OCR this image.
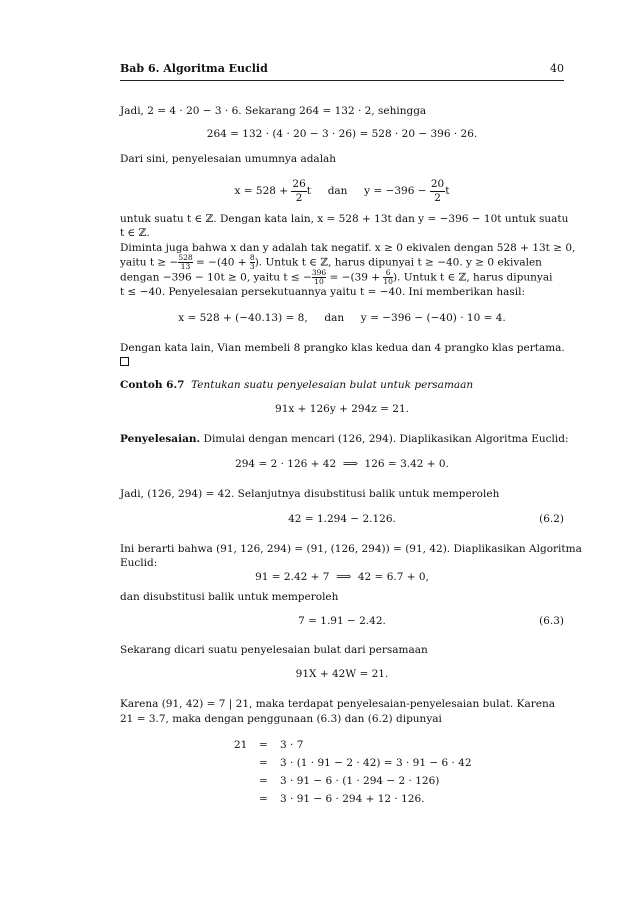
Bab 6. Algoritma Euclid	40
Jadi, 2 = 4 · 20 − 3 · 6. Sekarang 264 = 132 · 2, sehingga
264 = 132 · (4 · 20 − 3 · 26) = 528 · 20 − 396 · 26.
Dari sini, penyelesaian umumnya adalah
$x = 528 + \frac{26}{2}$ t     dan     $y = -396 - \frac{20}{2}$ t
untuk suatu t ∈ ℤ. Dengan kata lain, x = 528 + 13t dan y = −396 − 10t untuk suatu
t ∈ ℤ.
Diminta juga bahwa x dan y adalah tak negatif. x ≥ 0 ekivalen dengan 528 + 13t ≥ 0,
yaitu t ≥ − $\frac{528}{13} = -(40 + \frac{8}{3})$. Untuk t ∈ ℤ, harus dipunyai t ≥ −40. y ≥ 0 ekivalen
dengan −396 − 10t ≥ 0, yaitu t ≤ − $\frac{396}{10} = -(39 + \frac{6}{10})$. Untuk t ∈ ℤ, harus dipunyai
t ≤ −40. Penyelesaian persekutuannya yaitu t = −40. Ini memberikan hasil:
x = 528 + (−40.13) = 8,     dan     y = −396 − (−40) · 10 = 4.
Dengan kata lain, Vian membeli 8 prangko klas kedua dan 4 prangko klas pertama.
Contoh 6.7 Tentukan suatu penyelesaian bulat untuk persamaan
91x + 126y + 294z = 21.
Penyelesaian. Dimulai dengan mencari (126, 294). Diaplikasikan Algoritma Euclid:
294 = 2 · 126 + 42  ⟹  126 = 3.42 + 0.
Jadi, (126, 294) = 42. Selanjutnya disubstitusi balik untuk memperoleh
42 = 1.294 − 2.126.	(6.2)
Ini berarti bahwa (91, 126, 294) = (91, (126, 294)) = (91, 42). Diaplikasikan Algoritma
Euclid:
91 = 2.42 + 7  ⟹  42 = 6.7 + 0,
dan disubstitusi balik untuk memperoleh
7 = 1.91 − 2.42.	(6.3)
Sekarang dicari suatu penyelesaian bulat dari persamaan
91X + 42W = 21.
Karena (91, 42) = 7 | 21, maka terdapat penyelesaian-penyelesaian bulat. Karena
21 = 3.7, maka dengan penggunaan (6.3) dan (6.2) dipunyai
21 = 3 · 7
= 3 · (1 · 91 − 2 · 42) = 3 · 91 − 6 · 42
= 3 · 91 − 6 · (1 · 294 − 2 · 126)
= 3 · 91 − 6 · 294 + 12 · 126.
